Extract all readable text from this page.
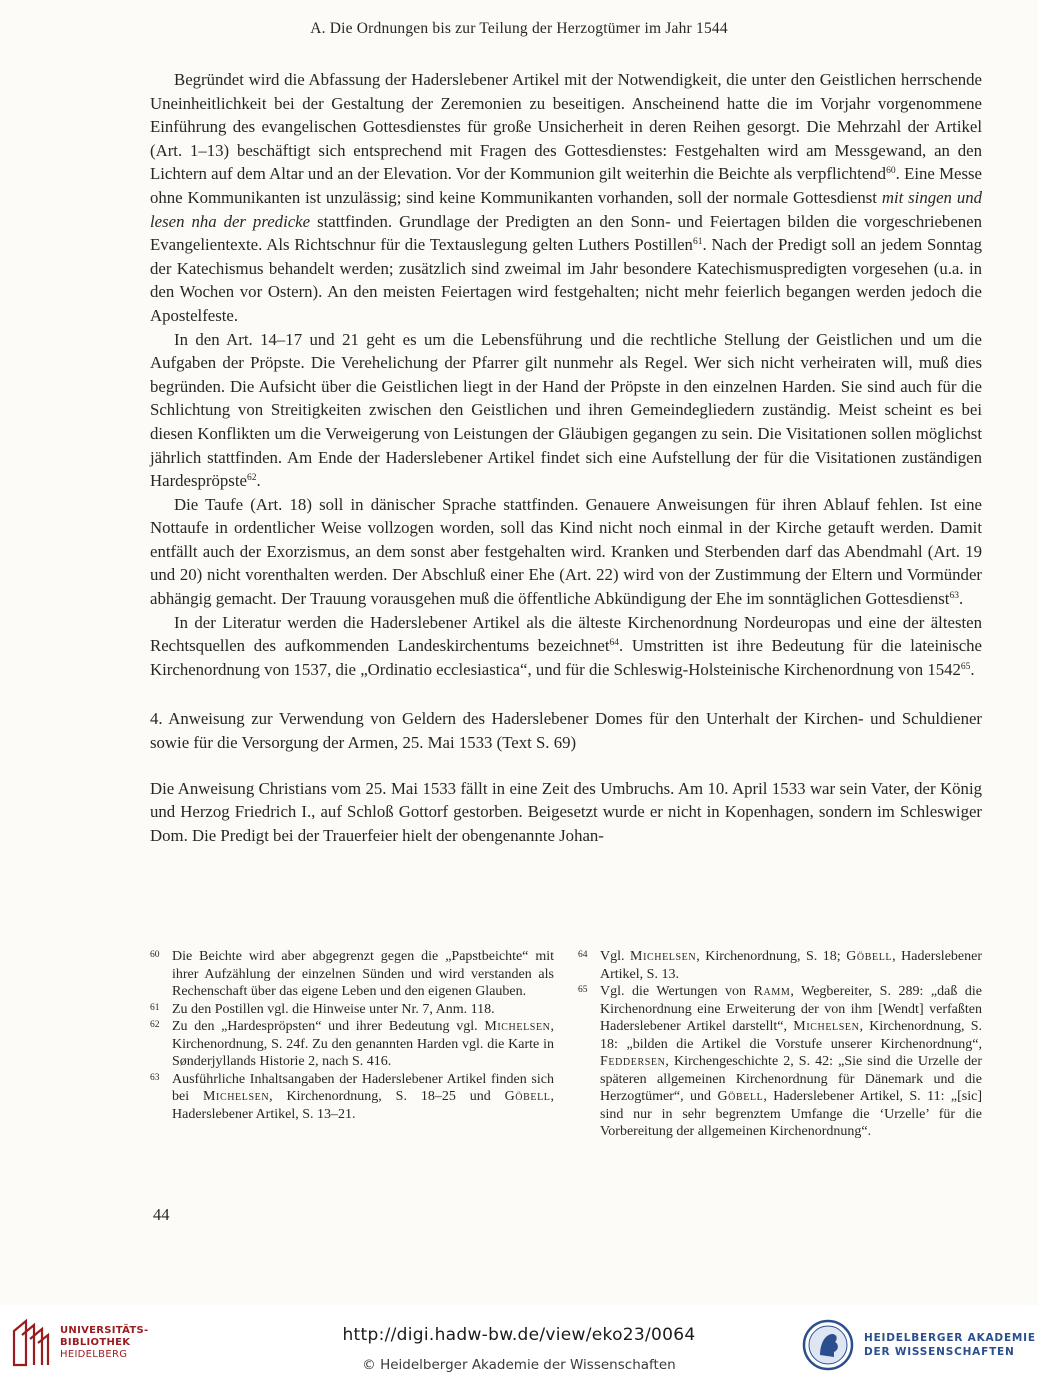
A. Die Ordnungen bis zur Teilung der Herzogtümer im Jahr 1544

Begründet wird die Abfassung der Haderslebener Artikel mit der Notwendigkeit, die unter den Geistlichen herrschende Uneinheitlichkeit bei der Gestaltung der Zeremonien zu beseitigen. Anscheinend hatte die im Vorjahr vorgenommene Einführung des evangelischen Gottesdienstes für große Unsicherheit in deren Reihen gesorgt. Die Mehrzahl der Artikel (Art. 1–13) beschäftigt sich entsprechend mit Fragen des Gottesdienstes: Festgehalten wird am Messgewand, an den Lichtern auf dem Altar und an der Elevation. Vor der Kommunion gilt weiterhin die Beichte als verpflichtend$^{60}$. Eine Messe ohne Kommunikanten ist unzulässig; sind keine Kommunikanten vorhanden, soll der normale Gottesdienst mit singen und lesen nha der predicke stattfinden. Grundlage der Predigten an den Sonn- und Feiertagen bilden die vorgeschriebenen Evangelientexte. Als Richtschnur für die Textauslegung gelten Luthers Postillen$^{61}$. Nach der Predigt soll an jedem Sonntag der Katechismus behandelt werden; zusätzlich sind zweimal im Jahr besondere Katechismuspredigten vorgesehen (u.a. in den Wochen vor Ostern). An den meisten Feiertagen wird festgehalten; nicht mehr feierlich begangen werden jedoch die Apostelfeste.

In den Art. 14–17 und 21 geht es um die Lebensführung und die rechtliche Stellung der Geistlichen und um die Aufgaben der Pröpste. Die Verehelichung der Pfarrer gilt nunmehr als Regel. Wer sich nicht verheiraten will, muß dies begründen. Die Aufsicht über die Geistlichen liegt in der Hand der Pröpste in den einzelnen Harden. Sie sind auch für die Schlichtung von Streitigkeiten zwischen den Geistlichen und ihren Gemeindegliedern zuständig. Meist scheint es bei diesen Konflikten um die Verweigerung von Leistungen der Gläubigen gegangen zu sein. Die Visitationen sollen möglichst jährlich stattfinden. Am Ende der Haderslebener Artikel findet sich eine Aufstellung der für die Visitationen zuständigen Hardespröpste$^{62}$.

Die Taufe (Art. 18) soll in dänischer Sprache stattfinden. Genauere Anweisungen für ihren Ablauf fehlen. Ist eine Nottaufe in ordentlicher Weise vollzogen worden, soll das Kind nicht noch einmal in der Kirche getauft werden. Damit entfällt auch der Exorzismus, an dem sonst aber festgehalten wird. Kranken und Sterbenden darf das Abendmahl (Art. 19 und 20) nicht vorenthalten werden. Der Abschluß einer Ehe (Art. 22) wird von der Zustimmung der Eltern und Vormünder abhängig gemacht. Der Trauung vorausgehen muß die öffentliche Abkündigung der Ehe im sonntäglichen Gottesdienst$^{63}$.

In der Literatur werden die Haderslebener Artikel als die älteste Kirchenordnung Nordeuropas und eine der ältesten Rechtsquellen des aufkommenden Landeskirchentums bezeichnet$^{64}$. Umstritten ist ihre Bedeutung für die lateinische Kirchenordnung von 1537, die „Ordinatio ecclesiastica“, und für die Schleswig-Holsteinische Kirchenordnung von 1542$^{65}$.

4. Anweisung zur Verwendung von Geldern des Haderslebener Domes für den Unterhalt der Kirchen- und Schuldiener sowie für die Versorgung der Armen, 25. Mai 1533 (Text S. 69)

Die Anweisung Christians vom 25. Mai 1533 fällt in eine Zeit des Umbruchs. Am 10. April 1533 war sein Vater, der König und Herzog Friedrich I., auf Schloß Gottorf gestorben. Beigesetzt wurde er nicht in Kopenhagen, sondern im Schleswiger Dom. Die Predigt bei der Trauerfeier hielt der obengenannte Johan-

60 Die Beichte wird aber abgegrenzt gegen die „Papstbeichte“ mit ihrer Aufzählung der einzelnen Sünden und wird verstanden als Rechenschaft über das eigene Leben und den eigenen Glauben.
61 Zu den Postillen vgl. die Hinweise unter Nr. 7, Anm. 118.
62 Zu den „Hardespröpsten“ und ihrer Bedeutung vgl. Michelsen, Kirchenordnung, S. 24f. Zu den genannten Harden vgl. die Karte in Sønderjyllands Historie 2, nach S. 416.
63 Ausführliche Inhaltsangaben der Haderslebener Artikel finden sich bei Michelsen, Kirchenordnung, S. 18–25 und Göbell, Haderslebener Artikel, S. 13–21.
64 Vgl. Michelsen, Kirchenordnung, S. 18; Göbell, Haderslebener Artikel, S. 13.
65 Vgl. die Wertungen von Ramm, Wegbereiter, S. 289: „daß die Kirchenordnung eine Erweiterung der von ihm [Wendt] verfaßten Haderslebener Artikel darstellt“, Michelsen, Kirchenordnung, S. 18: „bilden die Artikel die Vorstufe unserer Kirchenordnung“, Feddersen, Kirchengeschichte 2, S. 42: „Sie sind die Urzelle der späteren allgemeinen Kirchenordnung für Dänemark und die Herzogtümer“, und Göbell, Haderslebener Artikel, S. 11: „[sic] sind nur in sehr begrenztem Umfange die ‘Urzelle’ für die Vorbereitung der allgemeinen Kirchenordnung“.
44
UNIVERSITÄTS-
BIBLIOTHEK
HEIDELBERG
http://digi.hadw-bw.de/view/eko23/0064
© Heidelberger Akademie der Wissenschaften
HEIDELBERGER AKADEMIE
DER WISSENSCHAFTEN
